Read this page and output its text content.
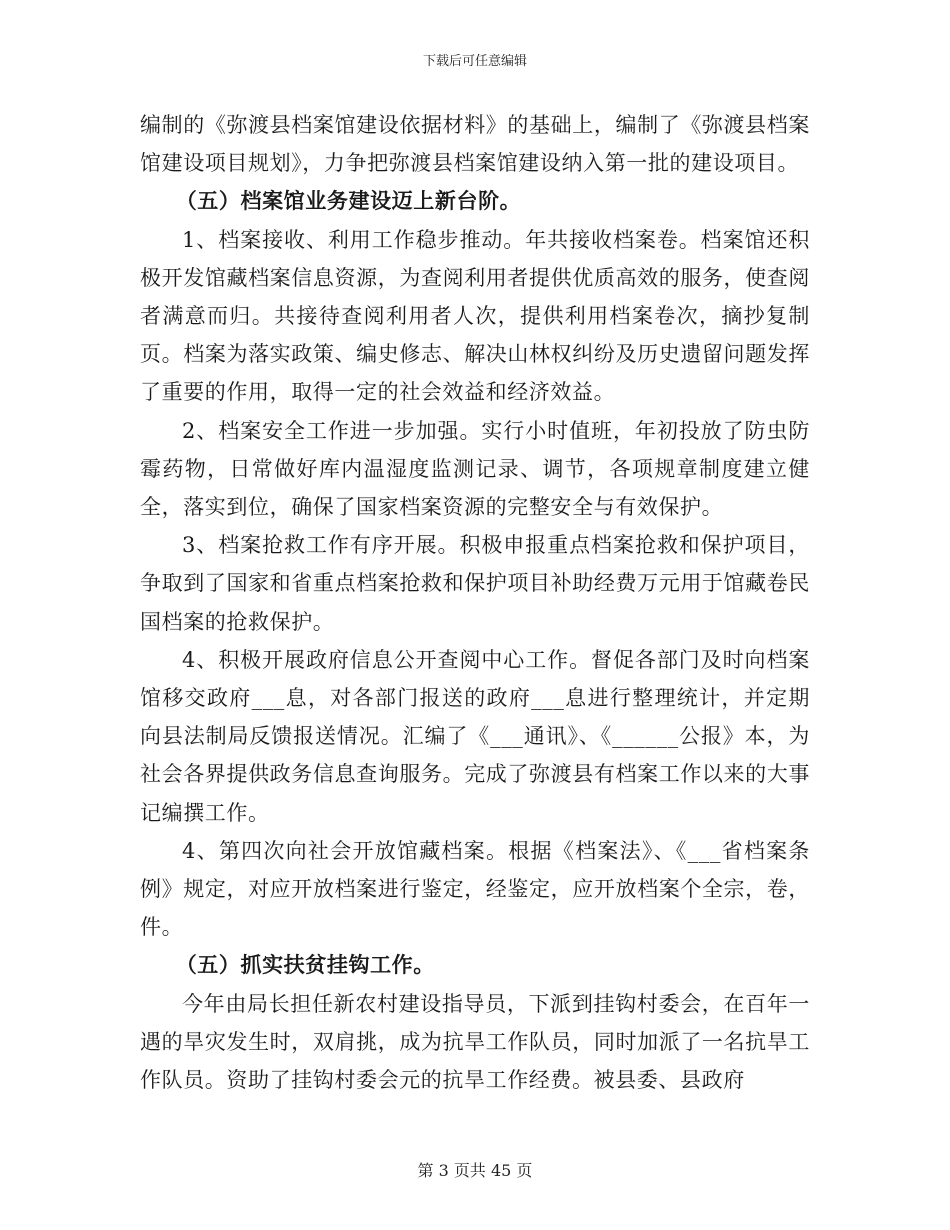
下载后可任意编辑

编制的《弥渡县档案馆建设依据材料》的基础上，编制了《弥渡县档案馆建设项目规划》，力争把弥渡县档案馆建设纳入第一批的建设项目。

（五）档案馆业务建设迈上新台阶。

1、档案接收、利用工作稳步推动。年共接收档案卷。档案馆还积极开发馆藏档案信息资源，为查阅利用者提供优质高效的服务，使查阅者满意而归。共接待查阅利用者人次，提供利用档案卷次，摘抄复制页。档案为落实政策、编史修志、解决山林权纠纷及历史遗留问题发挥了重要的作用，取得一定的社会效益和经济效益。

2、档案安全工作进一步加强。实行小时值班，年初投放了防虫防霉药物，日常做好库内温湿度监测记录、调节，各项规章制度建立健全，落实到位，确保了国家档案资源的完整安全与有效保护。

3、档案抢救工作有序开展。积极申报重点档案抢救和保护项目，争取到了国家和省重点档案抢救和保护项目补助经费万元用于馆藏卷民国档案的抢救保护。

4、积极开展政府信息公开查阅中心工作。督促各部门及时向档案馆移交政府___息，对各部门报送的政府___息进行整理统计，并定期向县法制局反馈报送情况。汇编了《___通讯》、《______公报》本，为社会各界提供政务信息查询服务。完成了弥渡县有档案工作以来的大事记编撰工作。

4、第四次向社会开放馆藏档案。根据《档案法》、《___省档案条例》规定，对应开放档案进行鉴定，经鉴定，应开放档案个全宗，卷，件。

（五）抓实扶贫挂钩工作。

今年由局长担任新农村建设指导员，下派到挂钩村委会，在百年一遇的旱灾发生时，双肩挑，成为抗旱工作队员，同时加派了一名抗旱工作队员。资助了挂钩村委会元的抗旱工作经费。被县委、县政府

第 3 页共 45 页
